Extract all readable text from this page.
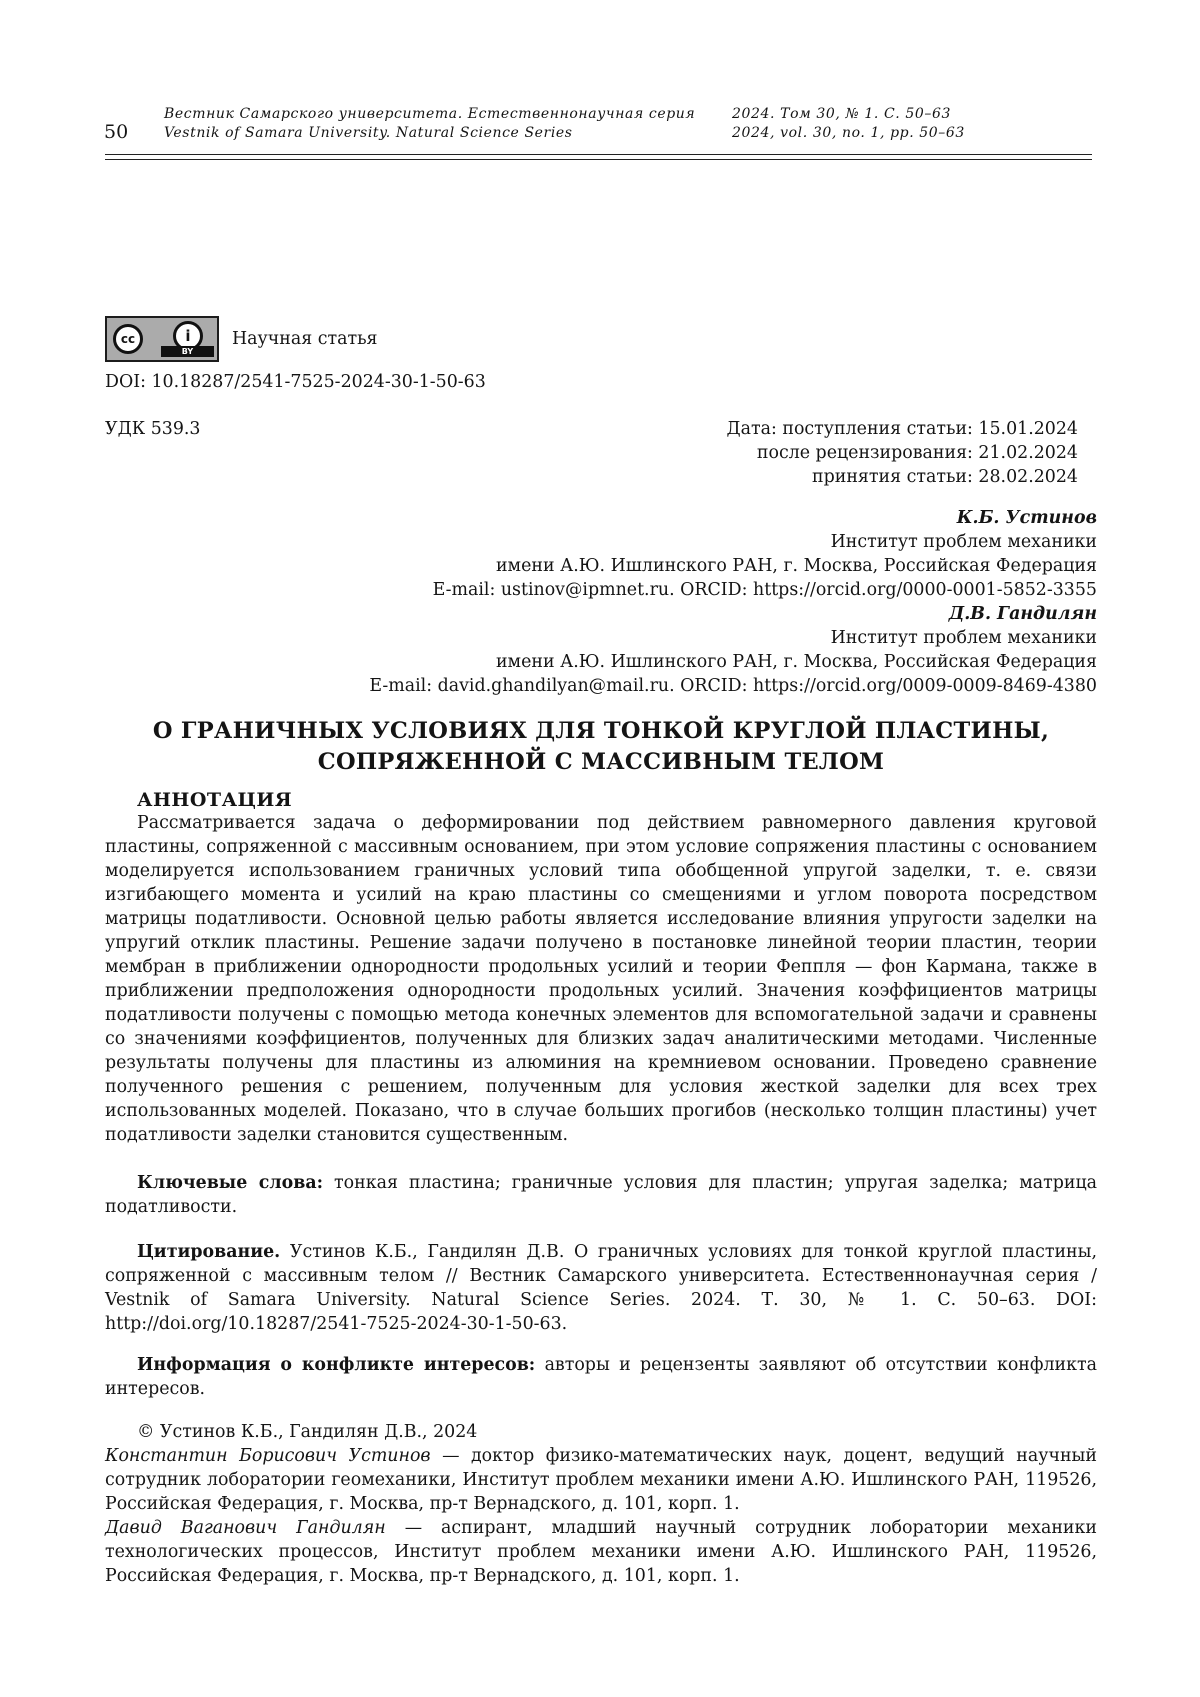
50
Вестник Самарского университета. Естественнонаучная серия
Vestnik of Samara University. Natural Science Series
2024. Том 30, № 1. С. 50–63
2024, vol. 30, no. 1, pp. 50–63
cc	i
BY
Научная статья
DOI: 10.18287/2541-7525-2024-30-1-50-63
УДК 539.3	Дата: поступления статьи: 15.01.2024
после рецензирования: 21.02.2024
принятия статьи: 28.02.2024
К.Б. Устинов
Институт проблем механики
имени А.Ю. Ишлинского РАН, г. Москва, Российская Федерация
E-mail: ustinov@ipmnet.ru. ORCID: https://orcid.org/0000-0001-5852-3355
Д.В. Гандилян
Институт проблем механики
имени А.Ю. Ишлинского РАН, г. Москва, Российская Федерация
E-mail: david.ghandilyan@mail.ru. ORCID: https://orcid.org/0009-0009-8469-4380
О ГРАНИЧНЫХ УСЛОВИЯХ ДЛЯ ТОНКОЙ КРУГЛОЙ ПЛАСТИНЫ,
СОПРЯЖЕННОЙ С МАССИВНЫМ ТЕЛОМ
АННОТАЦИЯ
Рассматривается задача о деформировании под действием равномерного давления круговой пластины, сопряженной с массивным основанием, при этом условие сопряжения пластины с основанием моделируется использованием граничных условий типа обобщенной упругой заделки, т. е. связи изгибающего момента и усилий на краю пластины со смещениями и углом поворота посредством матрицы податливости. Основной целью работы является исследование влияния упругости заделки на упругий отклик пластины. Решение задачи получено в постановке линейной теории пластин, теории мембран в приближении однородности продольных усилий и теории Феппля — фон Кармана, также в приближении предположения однородности продольных усилий. Значения коэффициентов матрицы податливости получены с помощью метода конечных элементов для вспомогательной задачи и сравнены со значениями коэффициентов, полученных для близких задач аналитическими методами. Численные результаты получены для пластины из алюминия на кремниевом основании. Проведено сравнение полученного решения с решением, полученным для условия жесткой заделки для всех трех использованных моделей. Показано, что в случае больших прогибов (несколько толщин пластины) учет податливости заделки становится существенным.
Ключевые слова: тонкая пластина; граничные условия для пластин; упругая заделка; матрица податливости.
Цитирование. Устинов К.Б., Гандилян Д.В. О граничных условиях для тонкой круглой пластины, сопряженной с массивным телом // Вестник Самарского университета. Естественнонаучная серия / Vestnik of Samara University. Natural Science Series. 2024. Т. 30, № 1. С. 50–63. DOI: http://doi.org/10.18287/2541-7525-2024-30-1-50-63.
Информация о конфликте интересов: авторы и рецензенты заявляют об отсутствии конфликта интересов.
© Устинов К.Б., Гандилян Д.В., 2024
Константин Борисович Устинов — доктор физико-математических наук, доцент, ведущий научный сотрудник лоборатории геомеханики, Институт проблем механики имени А.Ю. Ишлинского РАН, 119526, Российская Федерация, г. Москва, пр-т Вернадского, д. 101, корп. 1.
Давид Ваганович Гандилян — аспирант, младший научный сотрудник лоборатории механики технологических процессов, Институт проблем механики имени А.Ю. Ишлинского РАН, 119526, Российская Федерация, г. Москва, пр-т Вернадского, д. 101, корп. 1.
